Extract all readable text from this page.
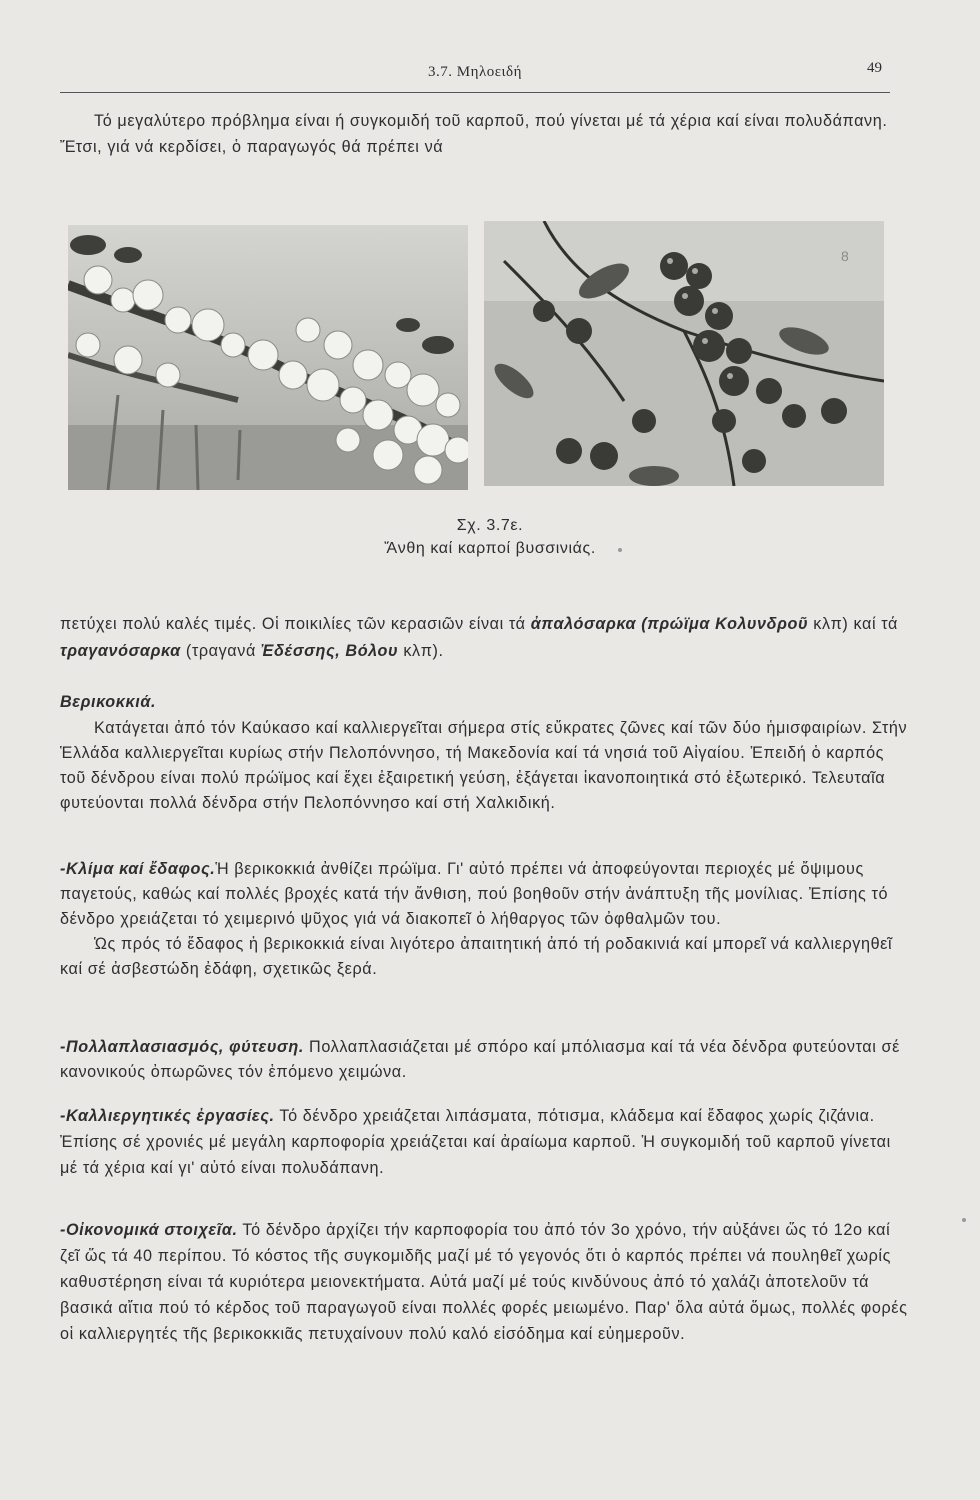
3.7. Μηλοειδή	49

Τό μεγαλύτερο πρόβλημα είναι ή συγκομιδή τοῦ καρποῦ, πού γίνεται μέ τά χέρια καί είναι πολυδάπανη. Ἔτσι, γιά νά κερδίσει, ὁ παραγωγός θά πρέπει νά

8
Σχ. 3.7ε.
Ἄνθη καί καρποί βυσσινιάς.

πετύχει πολύ καλές τιμές. Οἱ ποικιλίες τῶν κερασιῶν είναι τά ἀπαλόσαρκα (πρώϊμα Κολυνδροῦ κλπ) καί τά τραγανόσαρκα (τραγανά Ἐδέσσης, Βόλου κλπ).

Βερικοκκιά.

Κατάγεται ἀπό τόν Καύκασο καί καλλιεργεῖται σήμερα στίς εὔκρατες ζῶνες καί τῶν δύο ἡμισφαιρίων. Στήν Ἑλλάδα καλλιεργεῖται κυρίως στήν Πελοπόννησο, τή Μακεδονία καί τά νησιά τοῦ Αἰγαίου. Ἐπειδή ὁ καρπός τοῦ δένδρου είναι πολύ πρώϊμος καί ἔχει ἐξαιρετική γεύση, ἐξάγεται ἱκανοποιητικά στό ἐξωτερικό. Τελευταῖα φυτεύονται πολλά δένδρα στήν Πελοπόννησο καί στή Χαλκιδική.

-Κλίμα καί ἔδαφος.Ἡ βερικοκκιά ἀνθίζει πρώϊμα. Γι' αὐτό πρέπει νά ἀποφεύγονται περιοχές μέ ὄψιμους παγετούς, καθώς καί πολλές βροχές κατά τήν ἄνθιση, πού βοηθοῦν στήν ἀνάπτυξη τῆς μονίλιας. Ἐπίσης τό δένδρο χρειάζεται τό χειμερινό ψῦχος γιά νά διακοπεῖ ὁ λήθαργος τῶν ὀφθαλμῶν του.

Ὡς πρός τό ἔδαφος ἡ βερικοκκιά είναι λιγότερο ἀπαιτητική ἀπό τή ροδακινιά καί μπορεῖ νά καλλιεργηθεῖ καί σέ ἀσβεστώδη ἐδάφη, σχετικῶς ξερά.

-Πολλαπλασιασμός, φύτευση. Πολλαπλασιάζεται μέ σπόρο καί μπόλιασμα καί τά νέα δένδρα φυτεύονται σέ κανονικούς ὀπωρῶνες τόν ἑπόμενο χειμώνα.

-Καλλιεργητικές ἐργασίες. Τό δένδρο χρειάζεται λιπάσματα, πότισμα, κλάδεμα καί ἔδαφος χωρίς ζιζάνια. Ἐπίσης σέ χρονιές μέ μεγάλη καρποφορία χρειάζεται καί ἀραίωμα καρποῦ. Ἡ συγκομιδή τοῦ καρποῦ γίνεται μέ τά χέρια καί γι' αὐτό είναι πολυδάπανη.

-Οἰκονομικά στοιχεῖα. Τό δένδρο ἀρχίζει τήν καρποφορία του ἀπό τόν 3ο χρόνο, τήν αὐξάνει ὥς τό 12ο καί ζεῖ ὥς τά 40 περίπου. Τό κόστος τῆς συγκομιδῆς μαζί μέ τό γεγονός ὅτι ὁ καρπός πρέπει νά πουληθεῖ χωρίς καθυστέρηση είναι τά κυριότερα μειονεκτήματα. Αὐτά μαζί μέ τούς κινδύνους ἀπό τό χαλάζι ἀποτελοῦν τά βασικά αἴτια πού τό κέρδος τοῦ παραγωγοῦ είναι πολλές φορές μειωμένο. Παρ' ὅλα αὐτά ὅμως, πολλές φορές οἱ καλλιεργητές τῆς βερικοκκιᾶς πετυχαίνουν πολύ καλό εἰσόδημα καί εὐημεροῦν.
